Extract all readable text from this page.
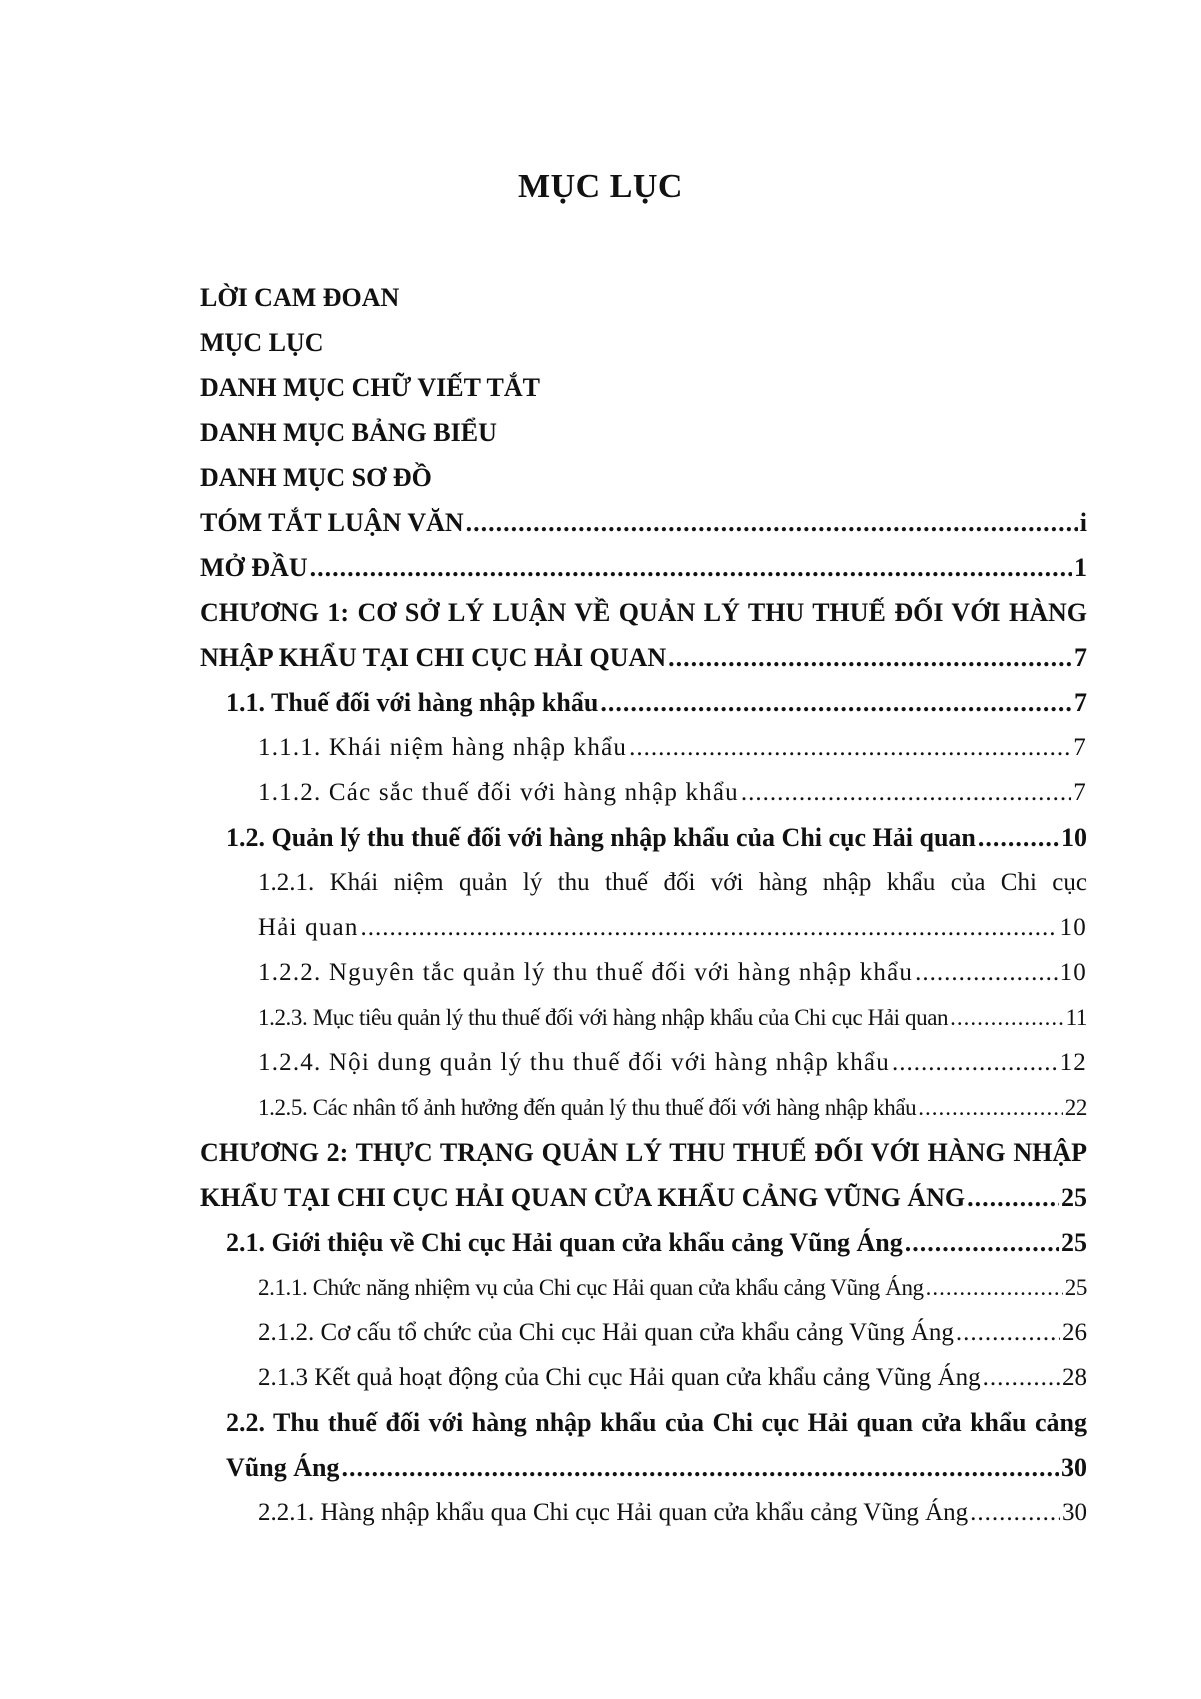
MỤC LỤC
LỜI CAM ĐOAN
MỤC LỤC
DANH MỤC CHỮ VIẾT TẮT
DANH MỤC BẢNG BIỂU
DANH MỤC SƠ ĐỒ
TÓM TẮT LUẬN VĂN .....	i
MỞ ĐẦU .....	1
CHƯƠNG 1: CƠ SỞ LÝ LUẬN VỀ QUẢN LÝ THU THUẾ ĐỐI VỚI HÀNG
NHẬP KHẨU TẠI CHI CỤC HẢI QUAN .....	7
1.1. Thuế đối với hàng nhập khẩu .....	7
1.1.1. Khái niệm hàng nhập khẩu .....	7
1.1.2. Các sắc thuế đối với hàng nhập khẩu .....	7
1.2. Quản lý thu thuế đối với hàng nhập khẩu của Chi cục Hải quan .....	10
1.2.1. Khái niệm quản lý thu thuế đối với hàng nhập khẩu của Chi cục
Hải quan .....	10
1.2.2. Nguyên tắc quản lý thu thuế đối với hàng nhập khẩu .....	10
1.2.3. Mục tiêu quản lý thu thuế đối với hàng nhập khẩu của Chi cục Hải quan .....	11
1.2.4. Nội dung quản lý thu thuế đối với hàng nhập khẩu .....	12
1.2.5. Các nhân tố ảnh hưởng đến quản lý thu thuế đối với hàng nhập khẩu .....	22
CHƯƠNG 2: THỰC TRẠNG QUẢN LÝ THU THUẾ ĐỐI VỚI HÀNG NHẬP
KHẨU TẠI CHI CỤC HẢI QUAN CỬA KHẨU CẢNG VŨNG ÁNG .....	25
2.1. Giới thiệu về Chi cục Hải quan cửa khẩu cảng Vũng Áng .....	25
2.1.1. Chức năng nhiệm vụ của Chi cục Hải quan cửa khẩu cảng Vũng Áng .....	25
2.1.2. Cơ cấu tổ chức của Chi cục Hải quan cửa khẩu cảng Vũng Áng .....	26
2.1.3 Kết quả hoạt động của Chi cục Hải quan cửa khẩu cảng Vũng Áng .....	28
2.2. Thu thuế đối với hàng nhập khẩu của Chi cục Hải quan cửa khẩu cảng
Vũng Áng .....	30
2.2.1. Hàng nhập khẩu qua Chi cục Hải quan cửa khẩu cảng Vũng Áng .....	30
